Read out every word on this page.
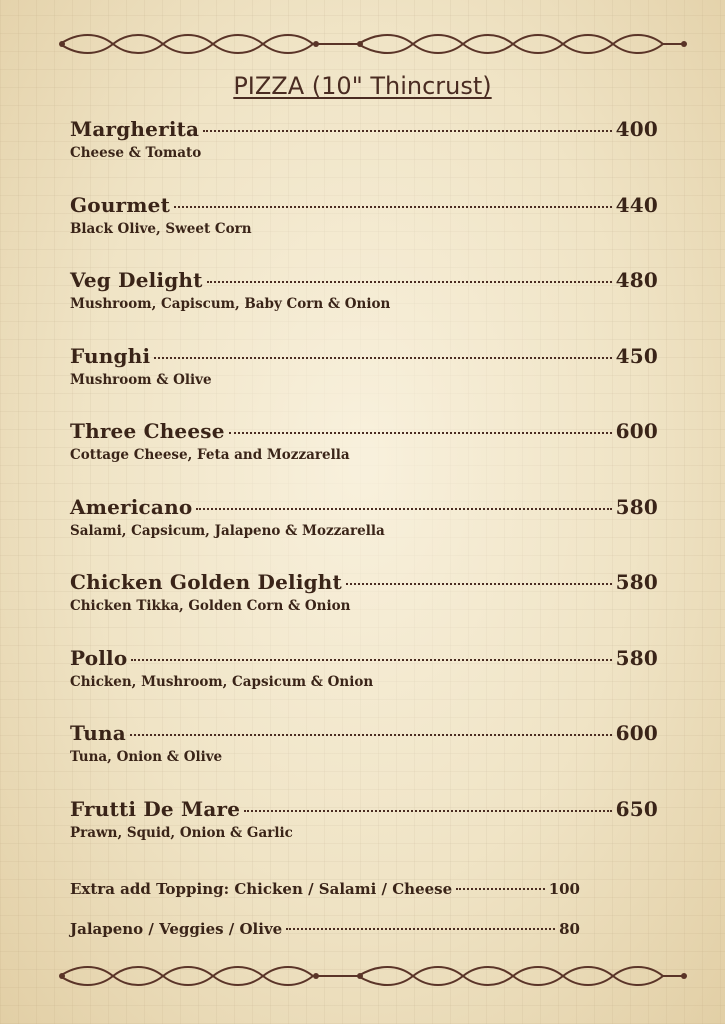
PIZZA (10" Thincrust)
Margherita	400
Cheese & Tomato
Gourmet	440
Black Olive, Sweet Corn
Veg Delight	480
Mushroom, Capiscum, Baby Corn & Onion
Funghi	450
Mushroom & Olive
Three Cheese	600
Cottage Cheese, Feta and Mozzarella
Americano	580
Salami, Capsicum, Jalapeno & Mozzarella
Chicken Golden Delight	580
Chicken Tikka, Golden Corn & Onion
Pollo	580
Chicken, Mushroom, Capsicum & Onion
Tuna	600
Tuna, Onion & Olive
Frutti De Mare	650
Prawn, Squid, Onion & Garlic
Extra add Topping: Chicken / Salami / Cheese	100
Jalapeno / Veggies / Olive	80
